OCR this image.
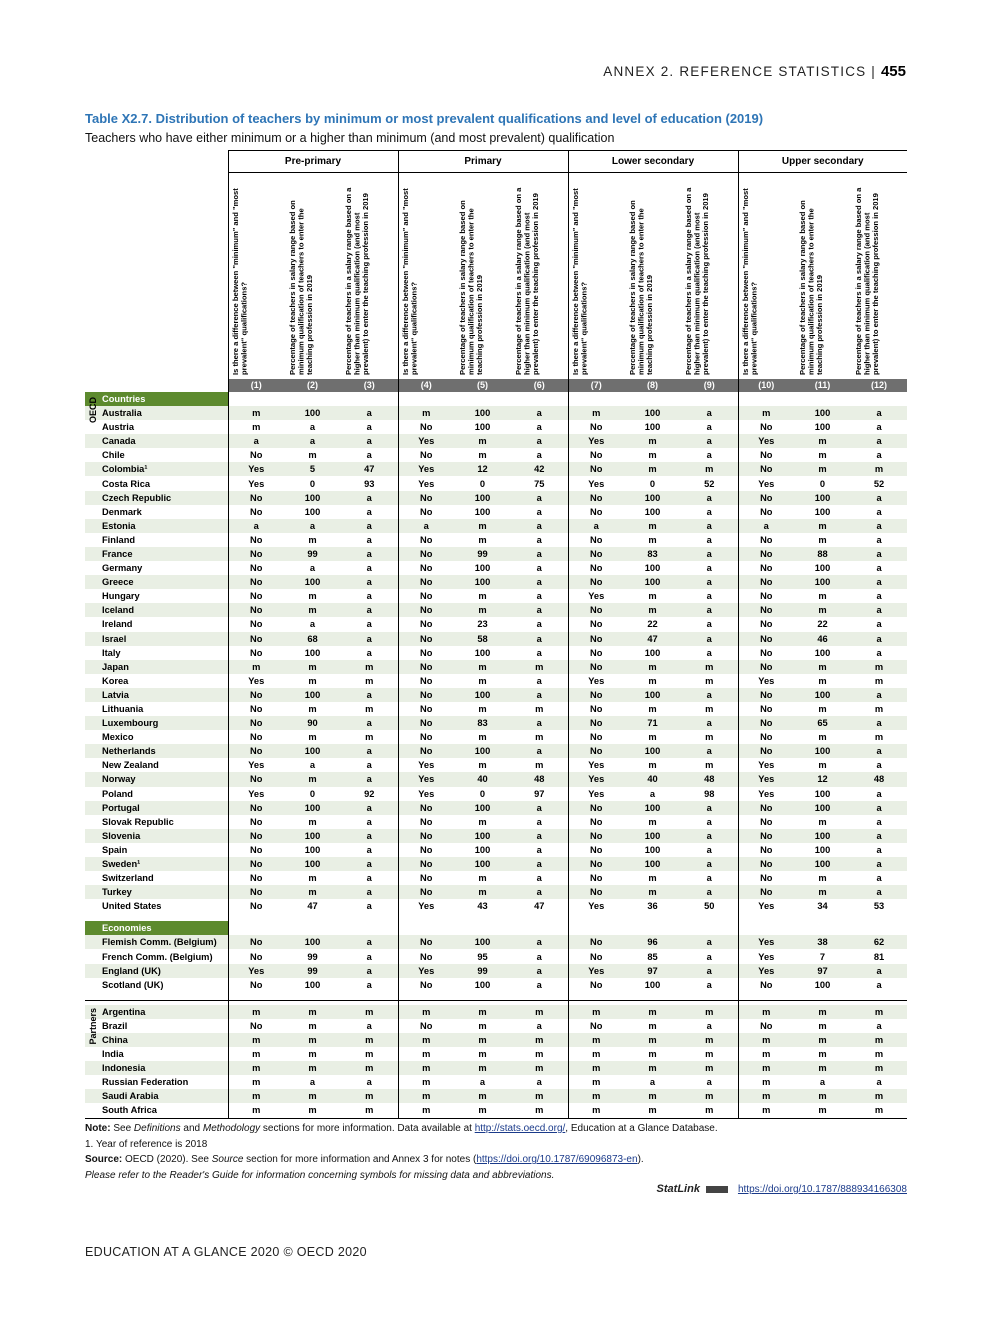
ANNEX 2. REFERENCE STATISTICS | 455
Table X2.7. Distribution of teachers by minimum or most prevalent qualifications and level of education (2019)
Teachers who have either minimum or a higher than minimum (and most prevalent) qualification
	Pre-primary			Primary			Lower secondary			Upper secondary		

	Is there a difference between "minimum" and "most prevalent" qualifications?	Percentage of teachers in salary range based on minimum qualification of teachers to enter the teaching profession in 2019	Percentage of teachers in a salary range based on a higher than minimum qualification (and most prevalent) to enter the teaching profession in 2019	Is there a difference between "minimum" and "most prevalent" qualifications?	Percentage of teachers in salary range based on minimum qualification of teachers to enter the teaching profession in 2019	Percentage of teachers in a salary range based on a higher than minimum qualification (and most prevalent) to enter the teaching profession in 2019	Is there a difference between "minimum" and "most prevalent" qualifications?	Percentage of teachers in salary range based on minimum qualification of teachers to enter the teaching profession in 2019	Percentage of teachers in a salary range based on a higher than minimum qualification (and most prevalent) to enter the teaching profession in 2019	Is there a difference between "minimum" and "most prevalent" qualifications?	Percentage of teachers in salary range based on minimum qualification of teachers to enter the teaching profession in 2019	Percentage of teachers in a salary range based on a higher than minimum qualification (and most prevalent) to enter the teaching profession in 2019

	(1)	(2)	(3)	(4)	(5)	(6)	(7)	(8)	(9)	(10)	(11)	(12)
Countries												
Australia	m	100	a	m	100	a	m	100	a	m	100	a
Austria	m	a	a	No	100	a	No	100	a	No	100	a
Canada	a	a	a	Yes	m	a	Yes	m	a	Yes	m	a
Chile	No	m	a	No	m	a	No	m	a	No	m	a
Colombia¹	Yes	5	47	Yes	12	42	No	m	m	No	m	m
Costa Rica	Yes	0	93	Yes	0	75	Yes	0	52	Yes	0	52
Czech Republic	No	100	a	No	100	a	No	100	a	No	100	a
Denmark	No	100	a	No	100	a	No	100	a	No	100	a
Estonia	a	a	a	a	m	a	a	m	a	a	m	a
Finland	No	m	a	No	m	a	No	m	a	No	m	a
France	No	99	a	No	99	a	No	83	a	No	88	a
Germany	No	a	a	No	100	a	No	100	a	No	100	a
Greece	No	100	a	No	100	a	No	100	a	No	100	a
Hungary	No	m	a	No	m	a	Yes	m	a	No	m	a
Iceland	No	m	a	No	m	a	No	m	a	No	m	a
Ireland	No	a	a	No	23	a	No	22	a	No	22	a
Israel	No	68	a	No	58	a	No	47	a	No	46	a
Italy	No	100	a	No	100	a	No	100	a	No	100	a
Japan	m	m	m	No	m	m	No	m	m	No	m	m
Korea	Yes	m	m	No	m	a	Yes	m	m	Yes	m	m
Latvia	No	100	a	No	100	a	No	100	a	No	100	a
Lithuania	No	m	m	No	m	m	No	m	m	No	m	m
Luxembourg	No	90	a	No	83	a	No	71	a	No	65	a
Mexico	No	m	m	No	m	m	No	m	m	No	m	m
Netherlands	No	100	a	No	100	a	No	100	a	No	100	a
New Zealand	Yes	a	a	Yes	m	m	Yes	m	m	Yes	m	a
Norway	No	m	a	Yes	40	48	Yes	40	48	Yes	12	48
Poland	Yes	0	92	Yes	0	97	Yes	a	98	Yes	100	a
Portugal	No	100	a	No	100	a	No	100	a	No	100	a
Slovak Republic	No	m	a	No	m	a	No	m	a	No	m	a
Slovenia	No	100	a	No	100	a	No	100	a	No	100	a
Spain	No	100	a	No	100	a	No	100	a	No	100	a
Sweden¹	No	100	a	No	100	a	No	100	a	No	100	a
Switzerland	No	m	a	No	m	a	No	m	a	No	m	a
Turkey	No	m	a	No	m	a	No	m	a	No	m	a
United States	No	47	a	Yes	43	47	Yes	36	50	Yes	34	53

Economies												
Flemish Comm. (Belgium)	No	100	a	No	100	a	No	96	a	Yes	38	62
French Comm. (Belgium)	No	99	a	No	95	a	No	85	a	Yes	7	81
England (UK)	Yes	99	a	Yes	99	a	Yes	97	a	Yes	97	a
Scotland (UK)	No	100	a	No	100	a	No	100	a	No	100	a

Argentina	m	m	m	m	m	m	m	m	m	m	m	m
Brazil	No	m	a	No	m	a	No	m	a	No	m	a
China	m	m	m	m	m	m	m	m	m	m	m	m
India	m	m	m	m	m	m	m	m	m	m	m	m
Indonesia	m	m	m	m	m	m	m	m	m	m	m	m
Russian Federation	m	a	a	m	a	a	m	a	a	m	a	a
Saudi Arabia	m	m	m	m	m	m	m	m	m	m	m	m
South Africa	m	m	m	m	m	m	m	m	m	m	m	m

OECD
Partners
Note: See Definitions and Methodology sections for more information. Data available at http://stats.oecd.org/, Education at a Glance Database.
1. Year of reference is 2018
Source: OECD (2020). See Source section for more information and Annex 3 for notes (https://doi.org/10.1787/69096873-en).
Please refer to the Reader's Guide for information concerning symbols for missing data and abbreviations.
StatLink	https://doi.org/10.1787/888934166308
EDUCATION AT A GLANCE 2020 © OECD 2020
